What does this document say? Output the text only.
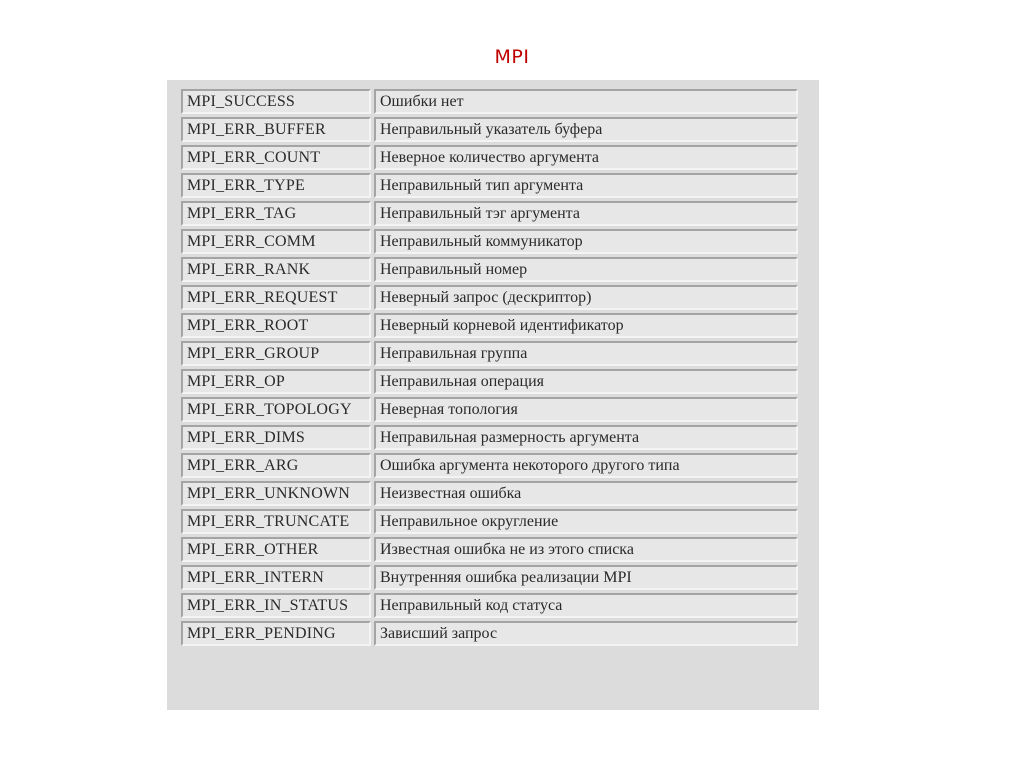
MPI
MPI_SUCCESS	Ошибки нет
MPI_ERR_BUFFER	Неправильный указатель буфера
MPI_ERR_COUNT	Неверное количество аргумента
MPI_ERR_TYPE	Неправильный тип аргумента
MPI_ERR_TAG	Неправильный тэг аргумента
MPI_ERR_COMM	Неправильный коммуникатор
MPI_ERR_RANK	Неправильный номер
MPI_ERR_REQUEST	Неверный запрос (дескриптор)
MPI_ERR_ROOT	Неверный корневой идентификатор
MPI_ERR_GROUP	Неправильная группа
MPI_ERR_OP	Неправильная операция
MPI_ERR_TOPOLOGY	Неверная топология
MPI_ERR_DIMS	Неправильная размерность аргумента
MPI_ERR_ARG	Ошибка аргумента некоторого другого типа
MPI_ERR_UNKNOWN	Неизвестная ошибка
MPI_ERR_TRUNCATE	Неправильное округление
MPI_ERR_OTHER	Известная ошибка не из этого списка
MPI_ERR_INTERN	Внутренняя ошибка реализации MPI
MPI_ERR_IN_STATUS	Неправильный код статуса
MPI_ERR_PENDING	Зависший запрос
